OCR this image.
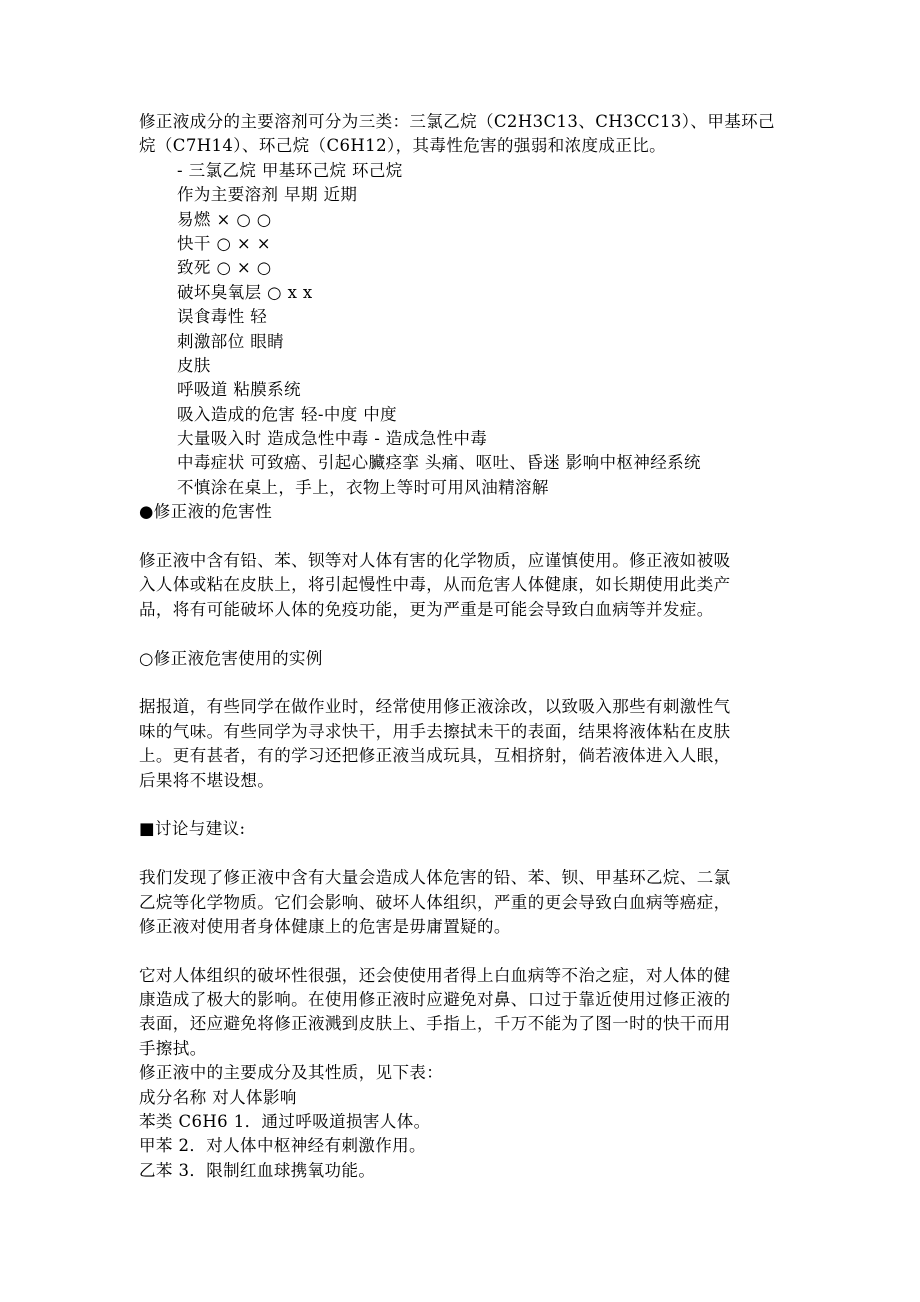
修正液成分的主要溶剂可分为三类：三氯乙烷（C2H3C13、CH3CC13）、甲基环己
烷（C7H14）、环己烷（C6H12），其毒性危害的强弱和浓度成正比。
- 三氯乙烷 甲基环己烷 环己烷
作为主要溶剂 早期 近期
易燃 × ○ ○
快干 ○ × ×
致死 ○ × ○
破坏臭氧层 ○ x x
误食毒性 轻
刺激部位 眼睛
皮肤
呼吸道 粘膜系统
吸入造成的危害 轻-中度 中度
大量吸入时 造成急性中毒 - 造成急性中毒
中毒症状 可致癌、引起心臟痉挛 头痛、呕吐、昏迷 影响中枢神经系统
不慎涂在桌上，手上，衣物上等时可用风油精溶解
●修正液的危害性
修正液中含有铅、苯、钡等对人体有害的化学物质，应谨慎使用。修正液如被吸
入人体或粘在皮肤上，将引起慢性中毒，从而危害人体健康，如长期使用此类产
品，将有可能破坏人体的免疫功能，更为严重是可能会导致白血病等并发症。
○修正液危害使用的实例
据报道，有些同学在做作业时，经常使用修正液涂改，以致吸入那些有刺激性气
味的气味。有些同学为寻求快干，用手去擦拭未干的表面，结果将液体粘在皮肤
上。更有甚者，有的学习还把修正液当成玩具，互相挤射，倘若液体进入人眼，
后果将不堪设想。
■讨论与建议:
我们发现了修正液中含有大量会造成人体危害的铅、苯、钡、甲基环乙烷、二氯
乙烷等化学物质。它们会影响、破坏人体组织，严重的更会导致白血病等癌症，
修正液对使用者身体健康上的危害是毋庸置疑的。
它对人体组织的破坏性很强，还会使使用者得上白血病等不治之症，对人体的健
康造成了极大的影响。在使用修正液时应避免对鼻、口过于靠近使用过修正液的
表面，还应避免将修正液溅到皮肤上、手指上，千万不能为了图一时的快干而用
手擦拭。
修正液中的主要成分及其性质，见下表：
成分名称 对人体影响
苯类 C6H6 1．通过呼吸道损害人体。
甲苯 2．对人体中枢神经有刺激作用。
乙苯 3．限制红血球携氧功能。
